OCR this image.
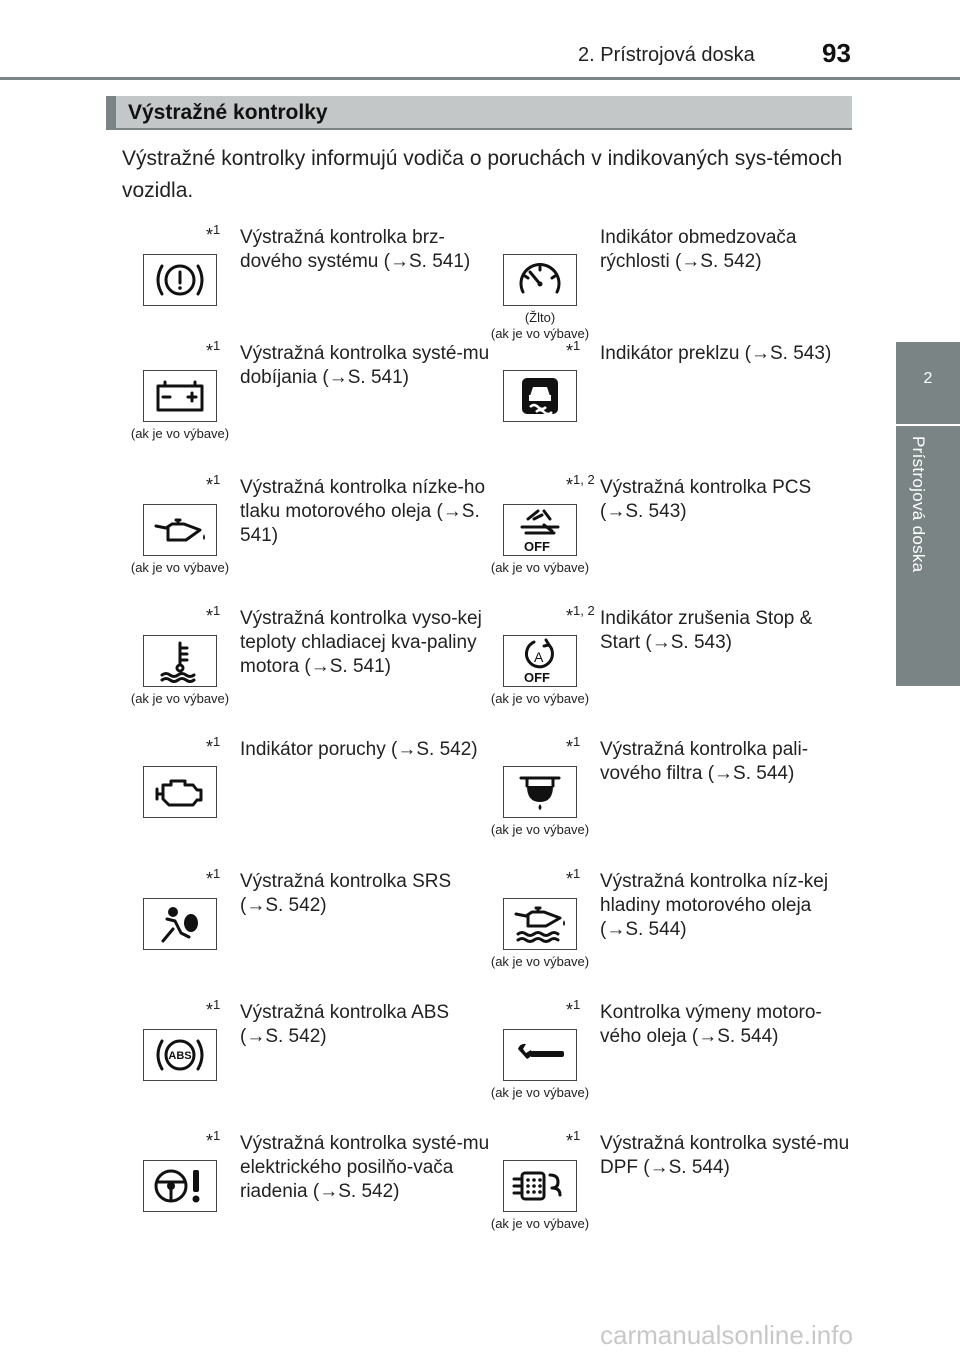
2. Prístrojová doska	93
2
Prístrojová doska
Výstražné kontrolky
Výstražné kontrolky informujú vodiča o poruchách v indikovaných sys-témoch vozidla.
*$^1$ Výstražná kontrolka brz-dového systému (→S. 541)
(Žlto)
(ak je vo výbave)
Indikátor obmedzovača rýchlosti (→S. 542)
*$^1$
(ak je vo výbave)
Výstražná kontrolka systé-mu dobíjania (→S. 541)
*$^1$ Indikátor preklzu (→S. 543)
*$^1$
(ak je vo výbave)
Výstražná kontrolka nízke-ho tlaku motorového oleja (→S. 541)
*$^{1, 2}$
OFF
(ak je vo výbave)
Výstražná kontrolka PCS (→S. 543)
*$^1$
(ak je vo výbave)
Výstražná kontrolka vyso-kej teploty chladiacej kva-paliny motora (→S. 541)
*$^{1, 2}$
A
OFF
(ak je vo výbave)
Indikátor zrušenia Stop & Start (→S. 543)
*$^1$ Indikátor poruchy (→S. 542)	*$^1$
(ak je vo výbave)
Výstražná kontrolka pali-vového filtra (→S. 544)
*$^1$ Výstražná kontrolka SRS (→S. 542)
*$^1$
(ak je vo výbave)
Výstražná kontrolka níz-kej hladiny motorového oleja (→S. 544)
*$^1$
ABS
Výstražná kontrolka ABS (→S. 542)
*$^1$
(ak je vo výbave)
Kontrolka výmeny motoro-vého oleja (→S. 544)
*$^1$ Výstražná kontrolka systé-mu elektrického posilňo-vača riadenia (→S. 542)
*$^1$
(ak je vo výbave)
Výstražná kontrolka systé-mu DPF (→S. 544)
carmanualsonline.info
